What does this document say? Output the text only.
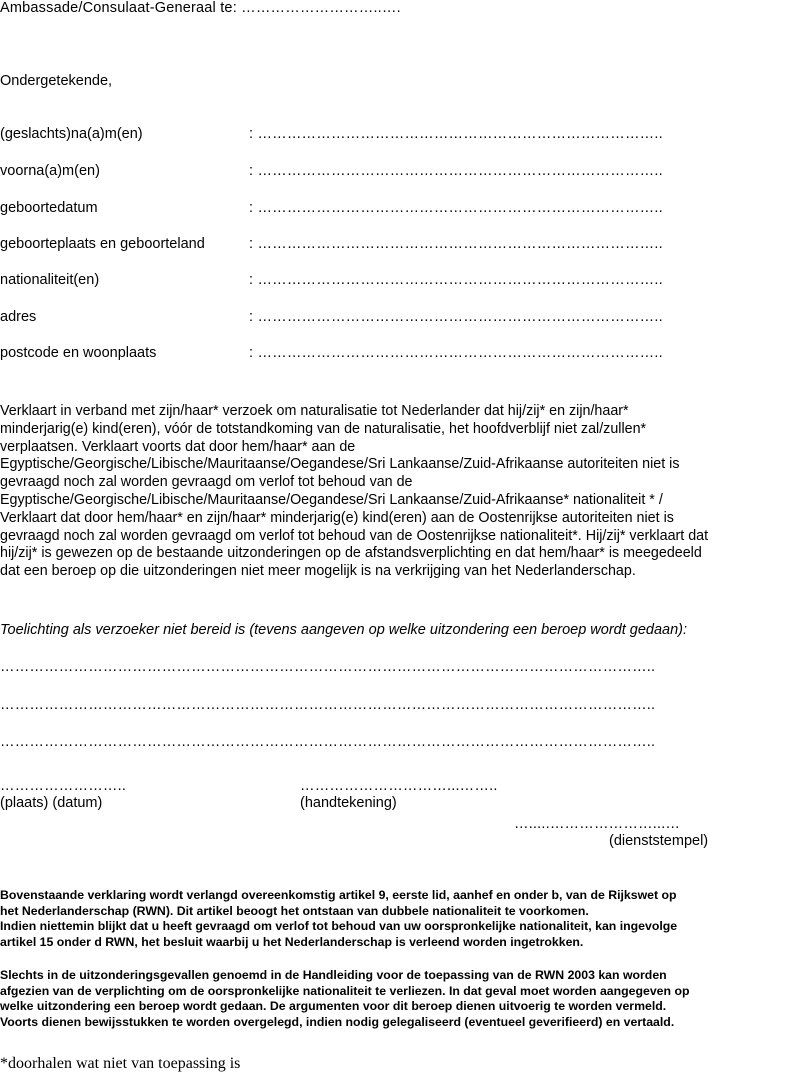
Ambassade/Consulaat-Generaal te: ………………………..….
Ondergetekende,
(geslachts)na(a)m(en)	: ………………………………………………………………………..
voorna(a)m(en)	: ………………………………………………………………………..
geboortedatum	: ………………………………………………………………………..
geboorteplaats en geboorteland	: ………………………………………………………………………..
nationaliteit(en)	: ………………………………………………………………………..
adres	: ………………………………………………………………………..
postcode en woonplaats	: ………………………………………………………………………..

Verklaart in verband met zijn/haar* verzoek om naturalisatie tot Nederlander dat hij/zij* en zijn/haar*

minderjarig(e) kind(eren), vóór de totstandkoming van de naturalisatie, het hoofdverblijf niet zal/zullen*

verplaatsen. Verklaart voorts dat door hem/haar* aan de

Egyptische/Georgische/Libische/Mauritaanse/Oegandese/Sri Lankaanse/Zuid-Afrikaanse autoriteiten niet is

gevraagd noch zal worden gevraagd om verlof tot behoud van de

Egyptische/Georgische/Libische/Mauritaanse/Oegandese/Sri Lankaanse/Zuid-Afrikaanse* nationaliteit * /

Verklaart dat door hem/haar* en zijn/haar* minderjarig(e) kind(eren) aan de Oostenrijkse autoriteiten niet is

gevraagd noch zal worden gevraagd om verlof tot behoud van de Oostenrijkse nationaliteit*. Hij/zij* verklaart dat

hij/zij* is gewezen op de bestaande uitzonderingen op de afstandsverplichting en dat hem/haar* is meegedeeld

dat een beroep op die uitzonderingen niet meer mogelijk is na verkrijging van het Nederlanderschap.

Toelichting als verzoeker niet bereid is (tevens aangeven op welke uitzondering een beroep wordt gedaan):
……………………………………………………………………………………………………………………..
……………………………………………………………………………………………………………………..
……………………………………………………………………………………………………………………..
……………………..
(plaats) (datum)
…………………………...……..
(handtekening)
….....…………………...…
(dienststempel)

Bovenstaande verklaring wordt verlangd overeenkomstig artikel 9, eerste lid, aanhef en onder b, van de Rijkswet op

het Nederlanderschap (RWN). Dit artikel beoogt het ontstaan van dubbele nationaliteit te voorkomen.

Indien niettemin blijkt dat u heeft gevraagd om verlof tot behoud van uw oorspronkelijke nationaliteit, kan ingevolge

artikel 15 onder d RWN, het besluit waarbij u het Nederlanderschap is verleend worden ingetrokken.

Slechts in de uitzonderingsgevallen genoemd in de Handleiding voor de toepassing van de RWN 2003 kan worden

afgezien van de verplichting om de oorspronkelijke nationaliteit te verliezen. In dat geval moet worden aangegeven op

welke uitzondering een beroep wordt gedaan. De argumenten voor dit beroep dienen uitvoerig te worden vermeld.

Voorts dienen bewijsstukken te worden overgelegd, indien nodig gelegaliseerd (eventueel geverifieerd) en vertaald.

*doorhalen wat niet van toepassing is
